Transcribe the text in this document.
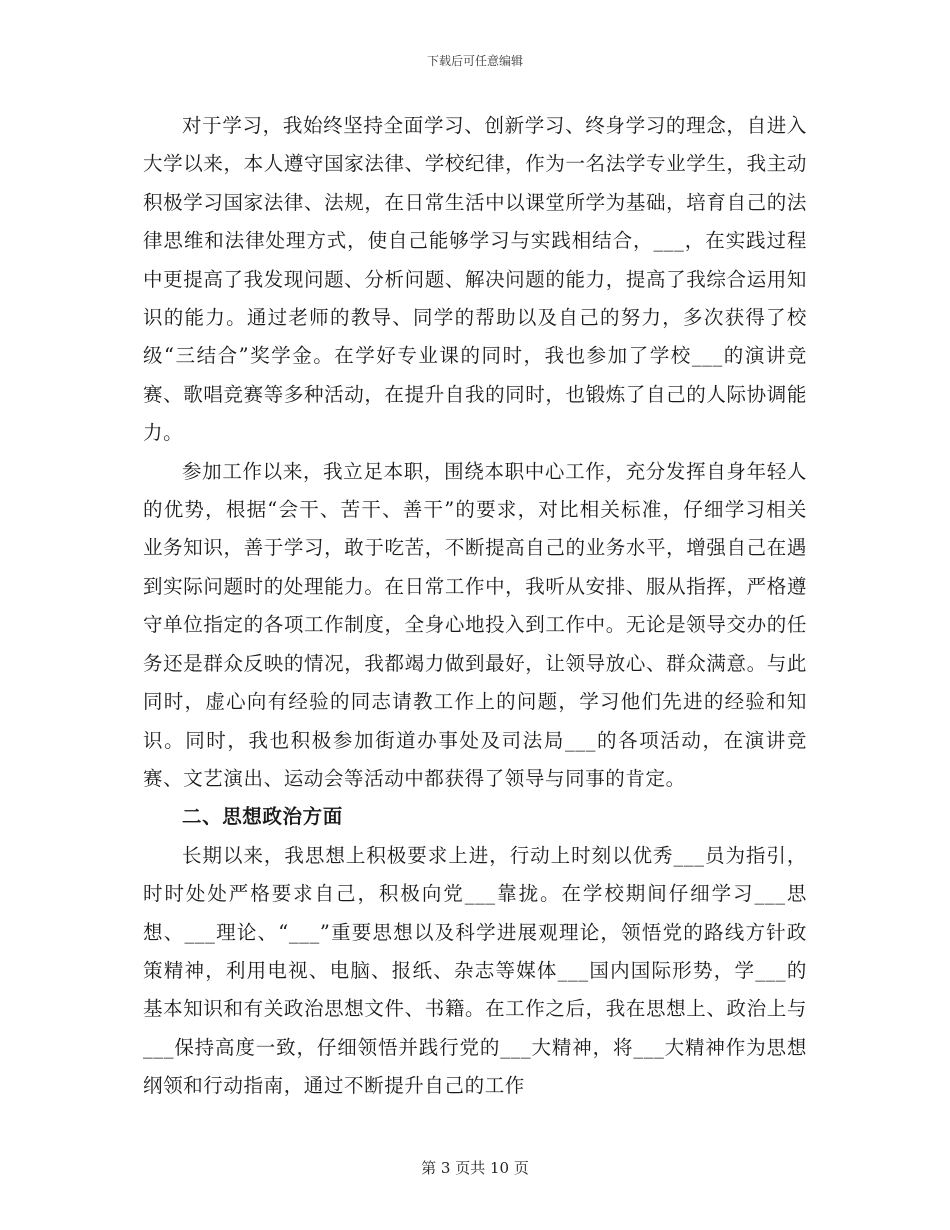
下载后可任意编辑

对于学习，我始终坚持全面学习、创新学习、终身学习的理念，自进入大学以来，本人遵守国家法律、学校纪律，作为一名法学专业学生，我主动积极学习国家法律、法规，在日常生活中以课堂所学为基础，培育自己的法律思维和法律处理方式，使自己能够学习与实践相结合，___，在实践过程中更提高了我发现问题、分析问题、解决问题的能力，提高了我综合运用知识的能力。通过老师的教导、同学的帮助以及自己的努力，多次获得了校级“三结合”奖学金。在学好专业课的同时，我也参加了学校___的演讲竞赛、歌唱竞赛等多种活动，在提升自我的同时，也锻炼了自己的人际协调能力。

参加工作以来，我立足本职，围绕本职中心工作，充分发挥自身年轻人的优势，根据“会干、苦干、善干”的要求，对比相关标准，仔细学习相关业务知识，善于学习，敢于吃苦，不断提高自己的业务水平，增强自己在遇到实际问题时的处理能力。在日常工作中，我听从安排、服从指挥，严格遵守单位指定的各项工作制度，全身心地投入到工作中。无论是领导交办的任务还是群众反映的情况，我都竭力做到最好，让领导放心、群众满意。与此同时，虚心向有经验的同志请教工作上的问题，学习他们先进的经验和知识。同时，我也积极参加街道办事处及司法局___的各项活动，在演讲竞赛、文艺演出、运动会等活动中都获得了领导与同事的肯定。

二、思想政治方面

长期以来，我思想上积极要求上进，行动上时刻以优秀___员为指引，时时处处严格要求自己，积极向党___靠拢。在学校期间仔细学习___思想、___理论、“___”重要思想以及科学进展观理论，领悟党的路线方针政策精神，利用电视、电脑、报纸、杂志等媒体___国内国际形势，学___的基本知识和有关政治思想文件、书籍。在工作之后，我在思想上、政治上与___保持高度一致，仔细领悟并践行党的___大精神，将___大精神作为思想纲领和行动指南，通过不断提升自己的工作

第 3 页共 10 页
